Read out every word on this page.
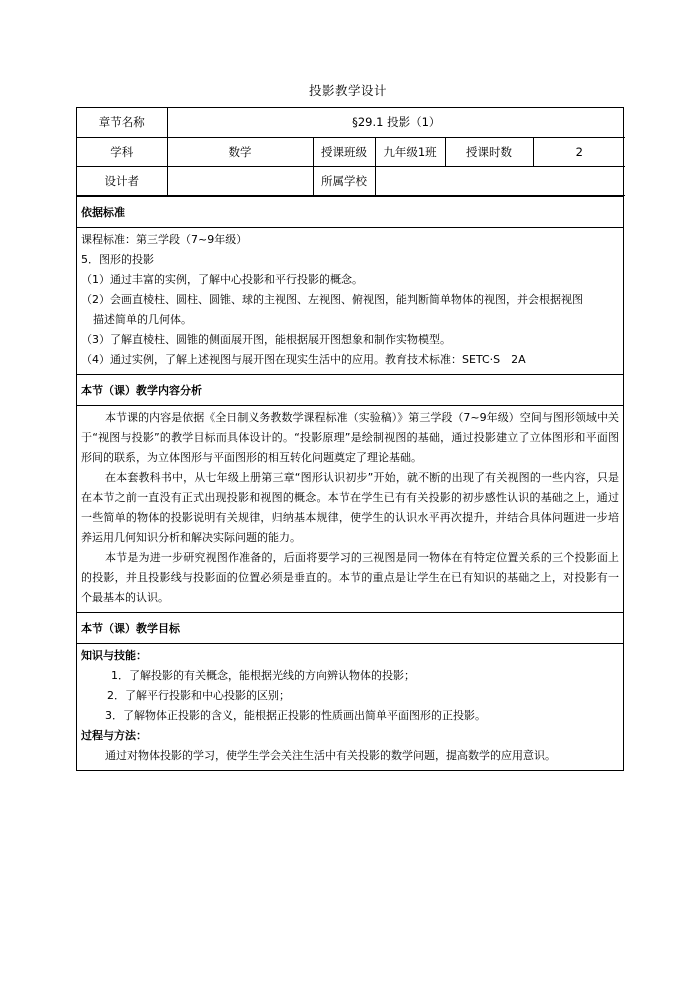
投影教学设计
章节名称	§29.1 投影（1）				
学科	数学	授课班级	九年级1班	授课时数	2
设计者		所属学校			
依据标准

课程标准：第三学段（7~9年级）

5．图形的投影

（1）通过丰富的实例，了解中心投影和平行投影的概念。

（2）会画直棱柱、圆柱、圆锥、球的主视图、左视图、俯视图，能判断简单物体的视图，并会根据视图

描述简单的几何体。

（3）了解直棱柱、圆锥的侧面展开图，能根据展开图想象和制作实物模型。

（4）通过实例，了解上述视图与展开图在现实生活中的应用。教育技术标准：SETC·S　2A

本节（课）教学内容分析

本节课的内容是依据《全日制义务教数学课程标准（实验稿）》第三学段（7~9年级）空间与图形领域中关于“视图与投影”的教学目标而具体设计的。“投影原理”是绘制视图的基础，通过投影建立了立体图形和平面图形间的联系，为立体图形与平面图形的相互转化问题奠定了理论基础。

在本套教科书中，从七年级上册第三章“图形认识初步”开始，就不断的出现了有关视图的一些内容，只是在本节之前一直没有正式出现投影和视图的概念。本节在学生已有有关投影的初步感性认识的基础之上，通过一些简单的物体的投影说明有关规律，归纳基本规律，使学生的认识水平再次提升，并结合具体问题进一步培养运用几何知识分析和解决实际问题的能力。

本节是为进一步研究视图作准备的，后面将要学习的三视图是同一物体在有特定位置关系的三个投影面上的投影，并且投影线与投影面的位置必须是垂直的。本节的重点是让学生在已有知识的基础之上，对投影有一个最基本的认识。

本节（课）教学目标

知识与技能：

1．了解投影的有关概念，能根据光线的方向辨认物体的投影；

2．了解平行投影和中心投影的区别；

3．了解物体正投影的含义，能根据正投影的性质画出简单平面图形的正投影。

过程与方法：

通过对物体投影的学习，使学生学会关注生活中有关投影的数学问题，提高数学的应用意识。
